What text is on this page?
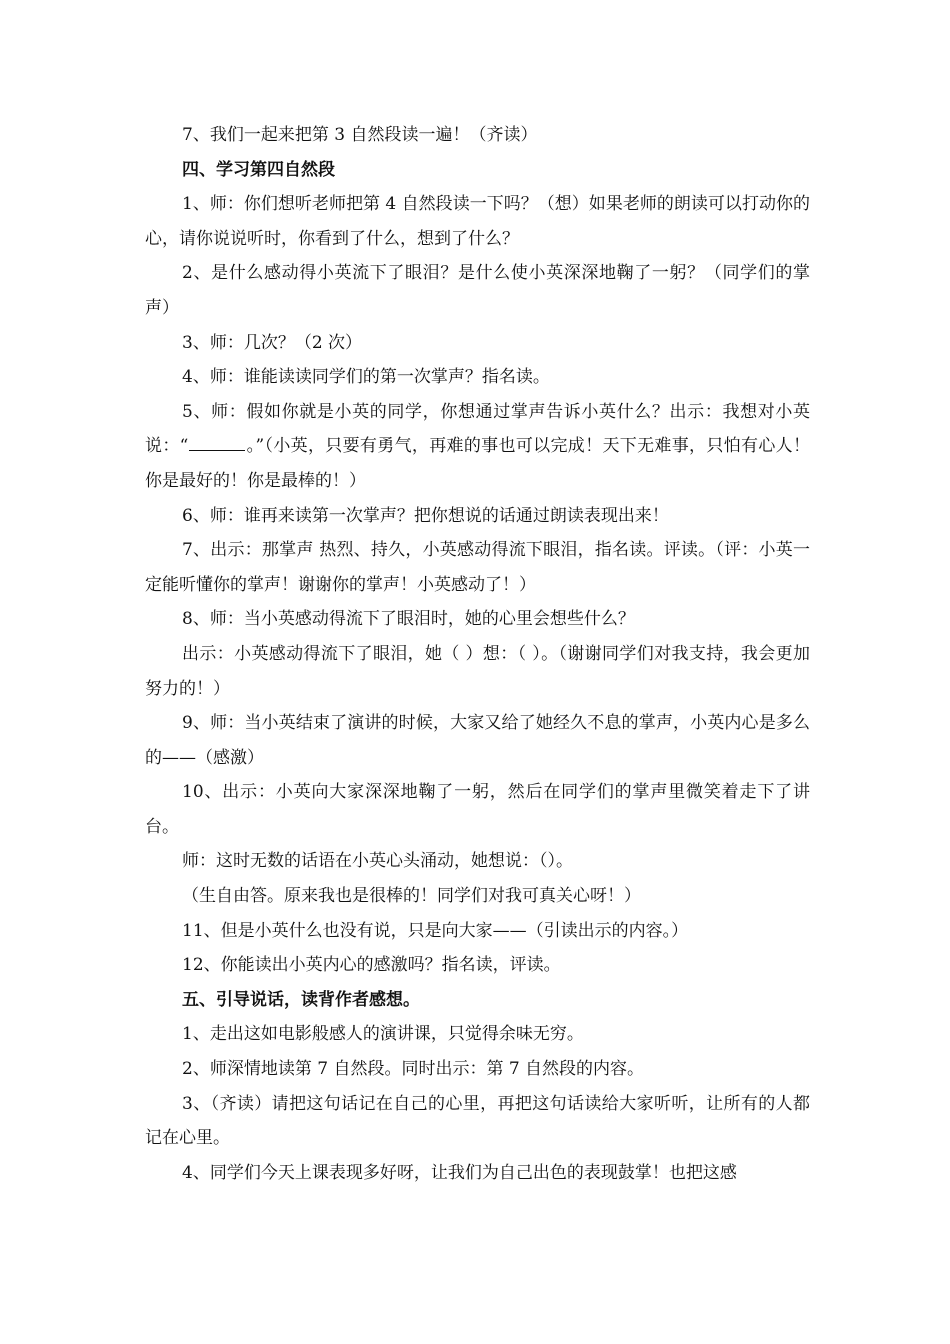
7、我们一起来把第 3 自然段读一遍！（齐读）

四、学习第四自然段

1、师：你们想听老师把第 4 自然段读一下吗？（想）如果老师的朗读可以打动你的心，请你说说听时，你看到了什么，想到了什么？

2、是什么感动得小英流下了眼泪？是什么使小英深深地鞠了一躬？（同学们的掌声）

3、师：几次？（2 次）

4、师：谁能读读同学们的第一次掌声？指名读。

5、师：假如你就是小英的同学，你想通过掌声告诉小英什么？出示：我想对小英说：“	。”（小英，只要有勇气，再难的事也可以完成！天下无难事，只怕有心人！你是最好的！你是最棒的！）

6、师：谁再来读第一次掌声？把你想说的话通过朗读表现出来！

7、出示：那掌声 热烈、持久，小英感动得流下眼泪，指名读。评读。（评：小英一定能听懂你的掌声！谢谢你的掌声！小英感动了！）

8、师：当小英感动得流下了眼泪时，她的心里会想些什么？

出示：小英感动得流下了眼泪，她（ ）想：（ ）。（谢谢同学们对我支持，我会更加努力的！）

9、师：当小英结束了演讲的时候，大家又给了她经久不息的掌声，小英内心是多么的——（感激）

10、出示：小英向大家深深地鞠了一躬，然后在同学们的掌声里微笑着走下了讲台。

师：这时无数的话语在小英心头涌动，她想说：（）。

（生自由答。原来我也是很棒的！同学们对我可真关心呀！）

11、但是小英什么也没有说，只是向大家——（引读出示的内容。）

12、你能读出小英内心的感激吗？指名读，评读。

五、引导说话，读背作者感想。

1、走出这如电影般感人的演讲课，只觉得余味无穷。

2、师深情地读第 7 自然段。同时出示：第 7 自然段的内容。

3、（齐读）请把这句话记在自己的心里，再把这句话读给大家听听，让所有的人都记在心里。

4、同学们今天上课表现多好呀，让我们为自己出色的表现鼓掌！也把这感
